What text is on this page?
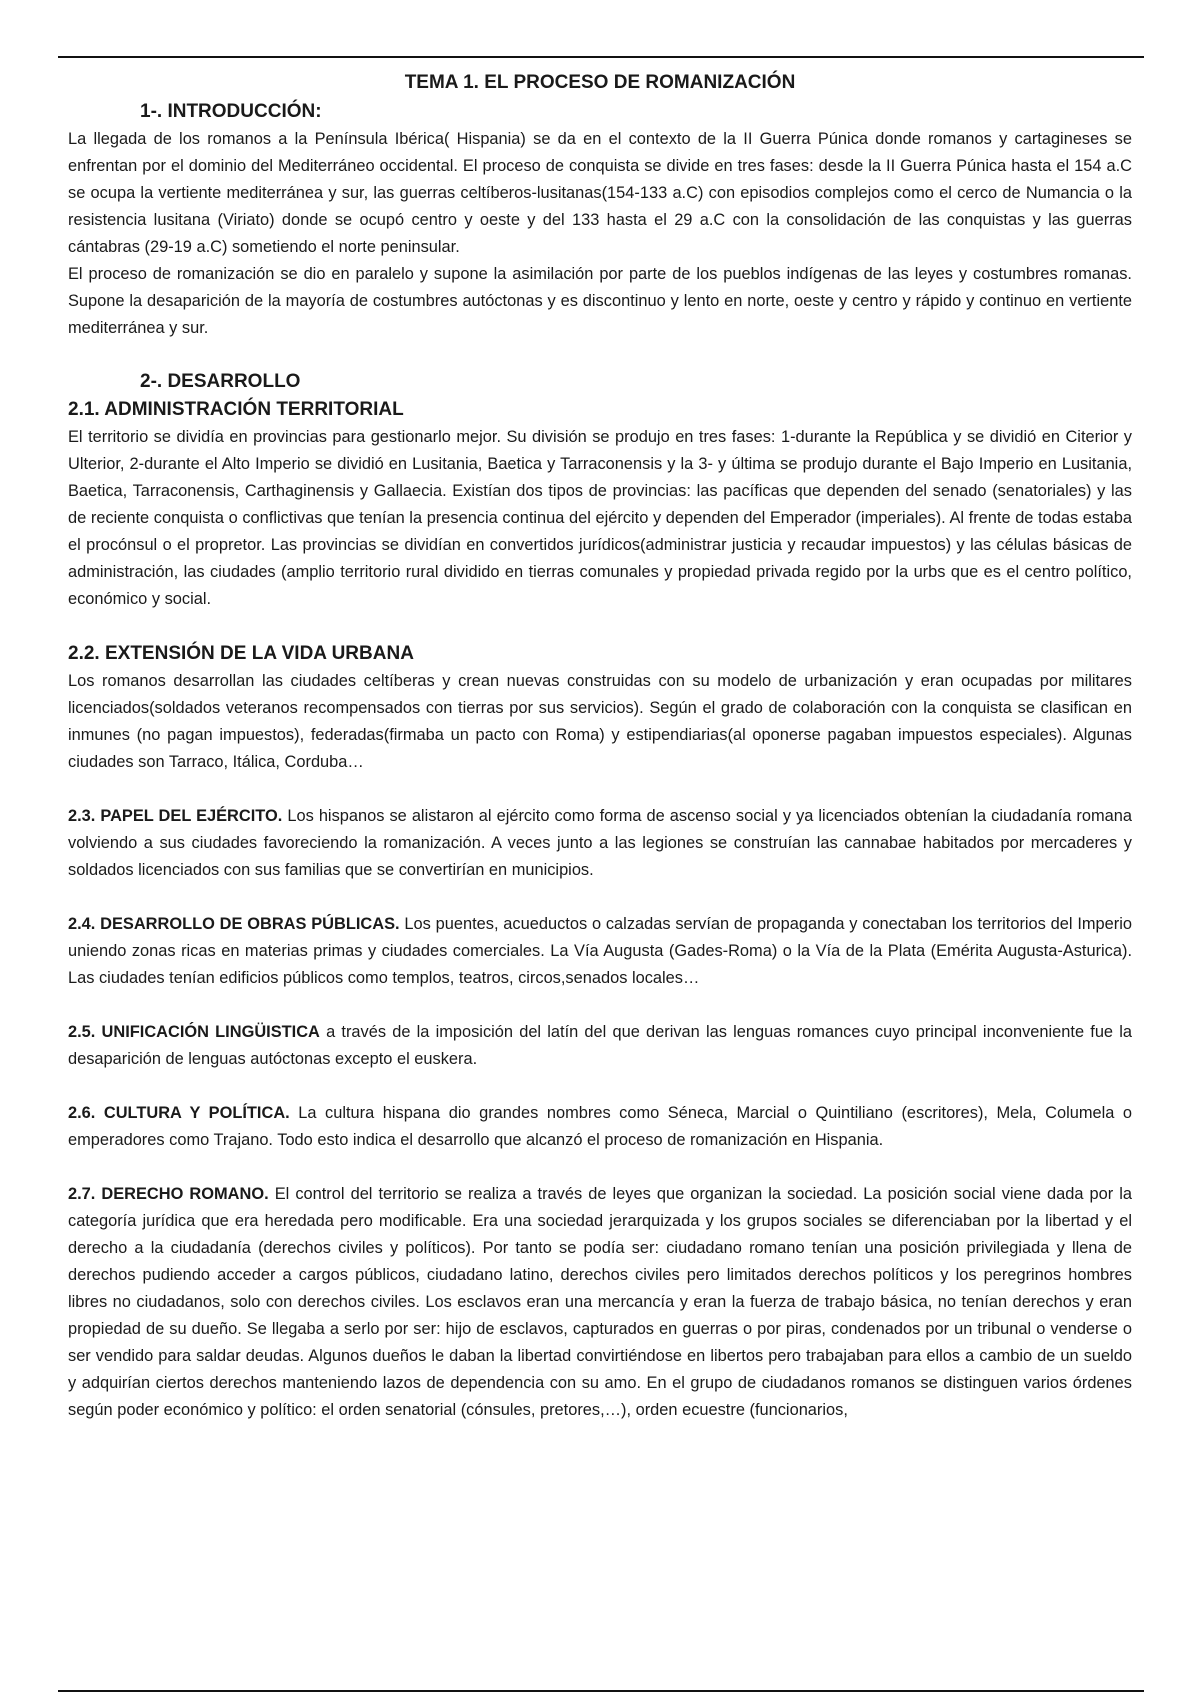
TEMA 1. EL PROCESO DE ROMANIZACIÓN
1-. INTRODUCCIÓN:

La llegada de los romanos a la Península Ibérica( Hispania) se da en el contexto de la II Guerra Púnica donde romanos y cartagineses se enfrentan por el dominio del Mediterráneo occidental. El proceso de conquista se divide en tres fases: desde la II Guerra Púnica hasta el 154 a.C se ocupa la vertiente mediterránea y sur, las guerras celtíberos-lusitanas(154-133 a.C) con episodios complejos como el cerco de Numancia o la resistencia lusitana (Viriato) donde se ocupó centro y oeste y del 133 hasta el 29 a.C con la consolidación de las conquistas y las guerras cántabras (29-19 a.C) sometiendo el norte peninsular.

El proceso de romanización se dio en paralelo y supone la asimilación por parte de los pueblos indígenas de las leyes y costumbres romanas. Supone la desaparición de la mayoría de costumbres autóctonas y es discontinuo y lento en norte, oeste y centro y rápido y continuo en vertiente mediterránea y sur.

2-. DESARROLLO
2.1. ADMINISTRACIÓN TERRITORIAL

El territorio se dividía en provincias para gestionarlo mejor. Su división se produjo en tres fases: 1-durante la República y se dividió en Citerior y Ulterior, 2-durante el Alto Imperio se dividió en Lusitania, Baetica y Tarraconensis y la 3- y última se produjo durante el Bajo Imperio en Lusitania, Baetica, Tarraconensis, Carthaginensis y Gallaecia. Existían dos tipos de provincias: las pacíficas que dependen del senado (senatoriales) y las de reciente conquista o conflictivas que tenían la presencia continua del ejército y dependen del Emperador (imperiales). Al frente de todas estaba el procónsul o el propretor. Las provincias se dividían en convertidos jurídicos(administrar justicia y recaudar impuestos) y las células básicas de administración, las ciudades (amplio territorio rural dividido en tierras comunales y propiedad privada regido por la urbs que es el centro político, económico y social.

2.2. EXTENSIÓN DE LA VIDA URBANA

Los romanos desarrollan las ciudades celtíberas y crean nuevas construidas con su modelo de urbanización y eran ocupadas por militares licenciados(soldados veteranos recompensados con tierras por sus servicios). Según el grado de colaboración con la conquista se clasifican en inmunes (no pagan impuestos), federadas(firmaba un pacto con Roma) y estipendiarias(al oponerse pagaban impuestos especiales). Algunas ciudades son Tarraco, Itálica, Corduba…

2.3. PAPEL DEL EJÉRCITO. Los hispanos se alistaron al ejército como forma de ascenso social y ya licenciados obtenían la ciudadanía romana volviendo a sus ciudades favoreciendo la romanización. A veces junto a las legiones se construían las cannabae habitados por mercaderes y soldados licenciados con sus familias que se convertirían en municipios.

2.4. DESARROLLO DE OBRAS PÚBLICAS. Los puentes, acueductos o calzadas servían de propaganda y conectaban los territorios del Imperio uniendo zonas ricas en materias primas y ciudades comerciales. La Vía Augusta (Gades-Roma) o la Vía de la Plata (Emérita Augusta-Asturica). Las ciudades tenían edificios públicos como templos, teatros, circos,senados locales…

2.5. UNIFICACIÓN LINGÜISTICA a través de la imposición del latín del que derivan las lenguas romances cuyo principal inconveniente fue la desaparición de lenguas autóctonas excepto el euskera.

2.6. CULTURA Y POLÍTICA. La cultura hispana dio grandes nombres como Séneca, Marcial o Quintiliano (escritores), Mela, Columela o emperadores como Trajano. Todo esto indica el desarrollo que alcanzó el proceso de romanización en Hispania.

2.7. DERECHO ROMANO. El control del territorio se realiza a través de leyes que organizan la sociedad. La posición social viene dada por la categoría jurídica que era heredada pero modificable. Era una sociedad jerarquizada y los grupos sociales se diferenciaban por la libertad y el derecho a la ciudadanía (derechos civiles y políticos). Por tanto se podía ser: ciudadano romano tenían una posición privilegiada y llena de derechos pudiendo acceder a cargos públicos, ciudadano latino, derechos civiles pero limitados derechos políticos y los peregrinos hombres libres no ciudadanos, solo con derechos civiles. Los esclavos eran una mercancía y eran la fuerza de trabajo básica, no tenían derechos y eran propiedad de su dueño. Se llegaba a serlo por ser: hijo de esclavos, capturados en guerras o por piras, condenados por un tribunal o venderse o ser vendido para saldar deudas. Algunos dueños le daban la libertad convirtiéndose en libertos pero trabajaban para ellos a cambio de un sueldo y adquirían ciertos derechos manteniendo lazos de dependencia con su amo. En el grupo de ciudadanos romanos se distinguen varios órdenes según poder económico y político: el orden senatorial (cónsules, pretores,…), orden ecuestre (funcionarios,
